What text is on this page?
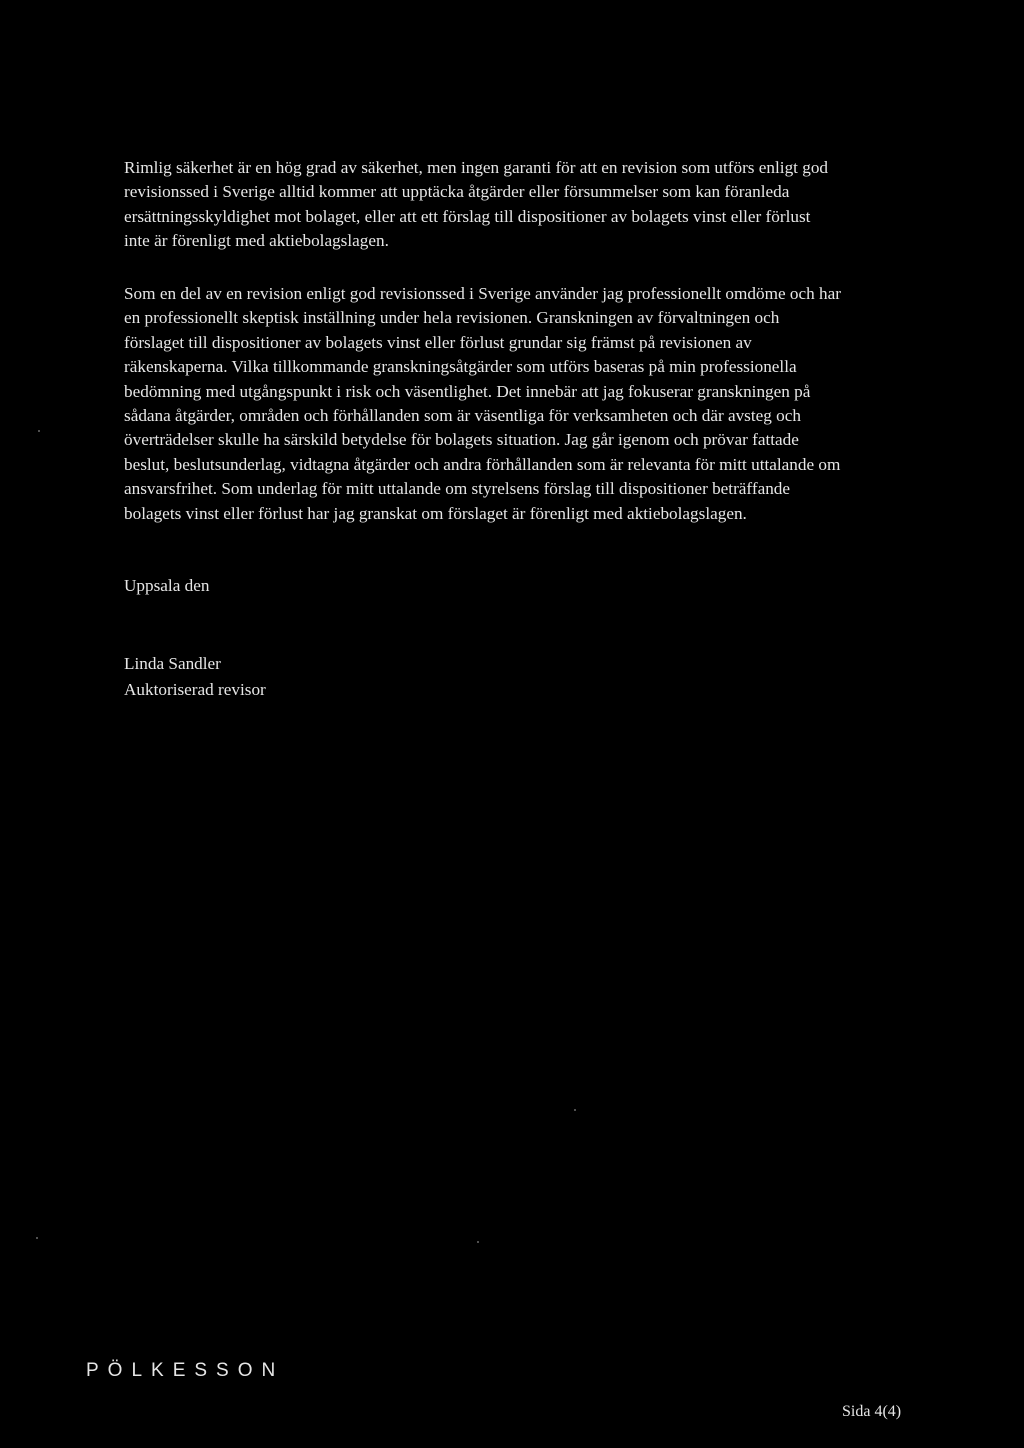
Rimlig säkerhet är en hög grad av säkerhet, men ingen garanti för att en revision som utförs enligt god
revisionssed i Sverige alltid kommer att upptäcka åtgärder eller försummelser som kan föranleda
ersättningsskyldighet mot bolaget, eller att ett förslag till dispositioner av bolagets vinst eller förlust
inte är förenligt med aktiebolagslagen.
Som en del av en revision enligt god revisionssed i Sverige använder jag professionellt omdöme och har
en professionellt skeptisk inställning under hela revisionen. Granskningen av förvaltningen och
förslaget till dispositioner av bolagets vinst eller förlust grundar sig främst på revisionen av
räkenskaperna. Vilka tillkommande granskningsåtgärder som utförs baseras på min professionella
bedömning med utgångspunkt i risk och väsentlighet. Det innebär att jag fokuserar granskningen på
sådana åtgärder, områden och förhållanden som är väsentliga för verksamheten och där avsteg och
överträdelser skulle ha särskild betydelse för bolagets situation. Jag går igenom och prövar fattade
beslut, beslutsunderlag, vidtagna åtgärder och andra förhållanden som är relevanta för mitt uttalande om
ansvarsfrihet. Som underlag för mitt uttalande om styrelsens förslag till dispositioner beträffande
bolagets vinst eller förlust har jag granskat om förslaget är förenligt med aktiebolagslagen.

Uppsala den

Linda Sandler
Auktoriserad revisor
PÖLKESSON
Sida 4(4)
